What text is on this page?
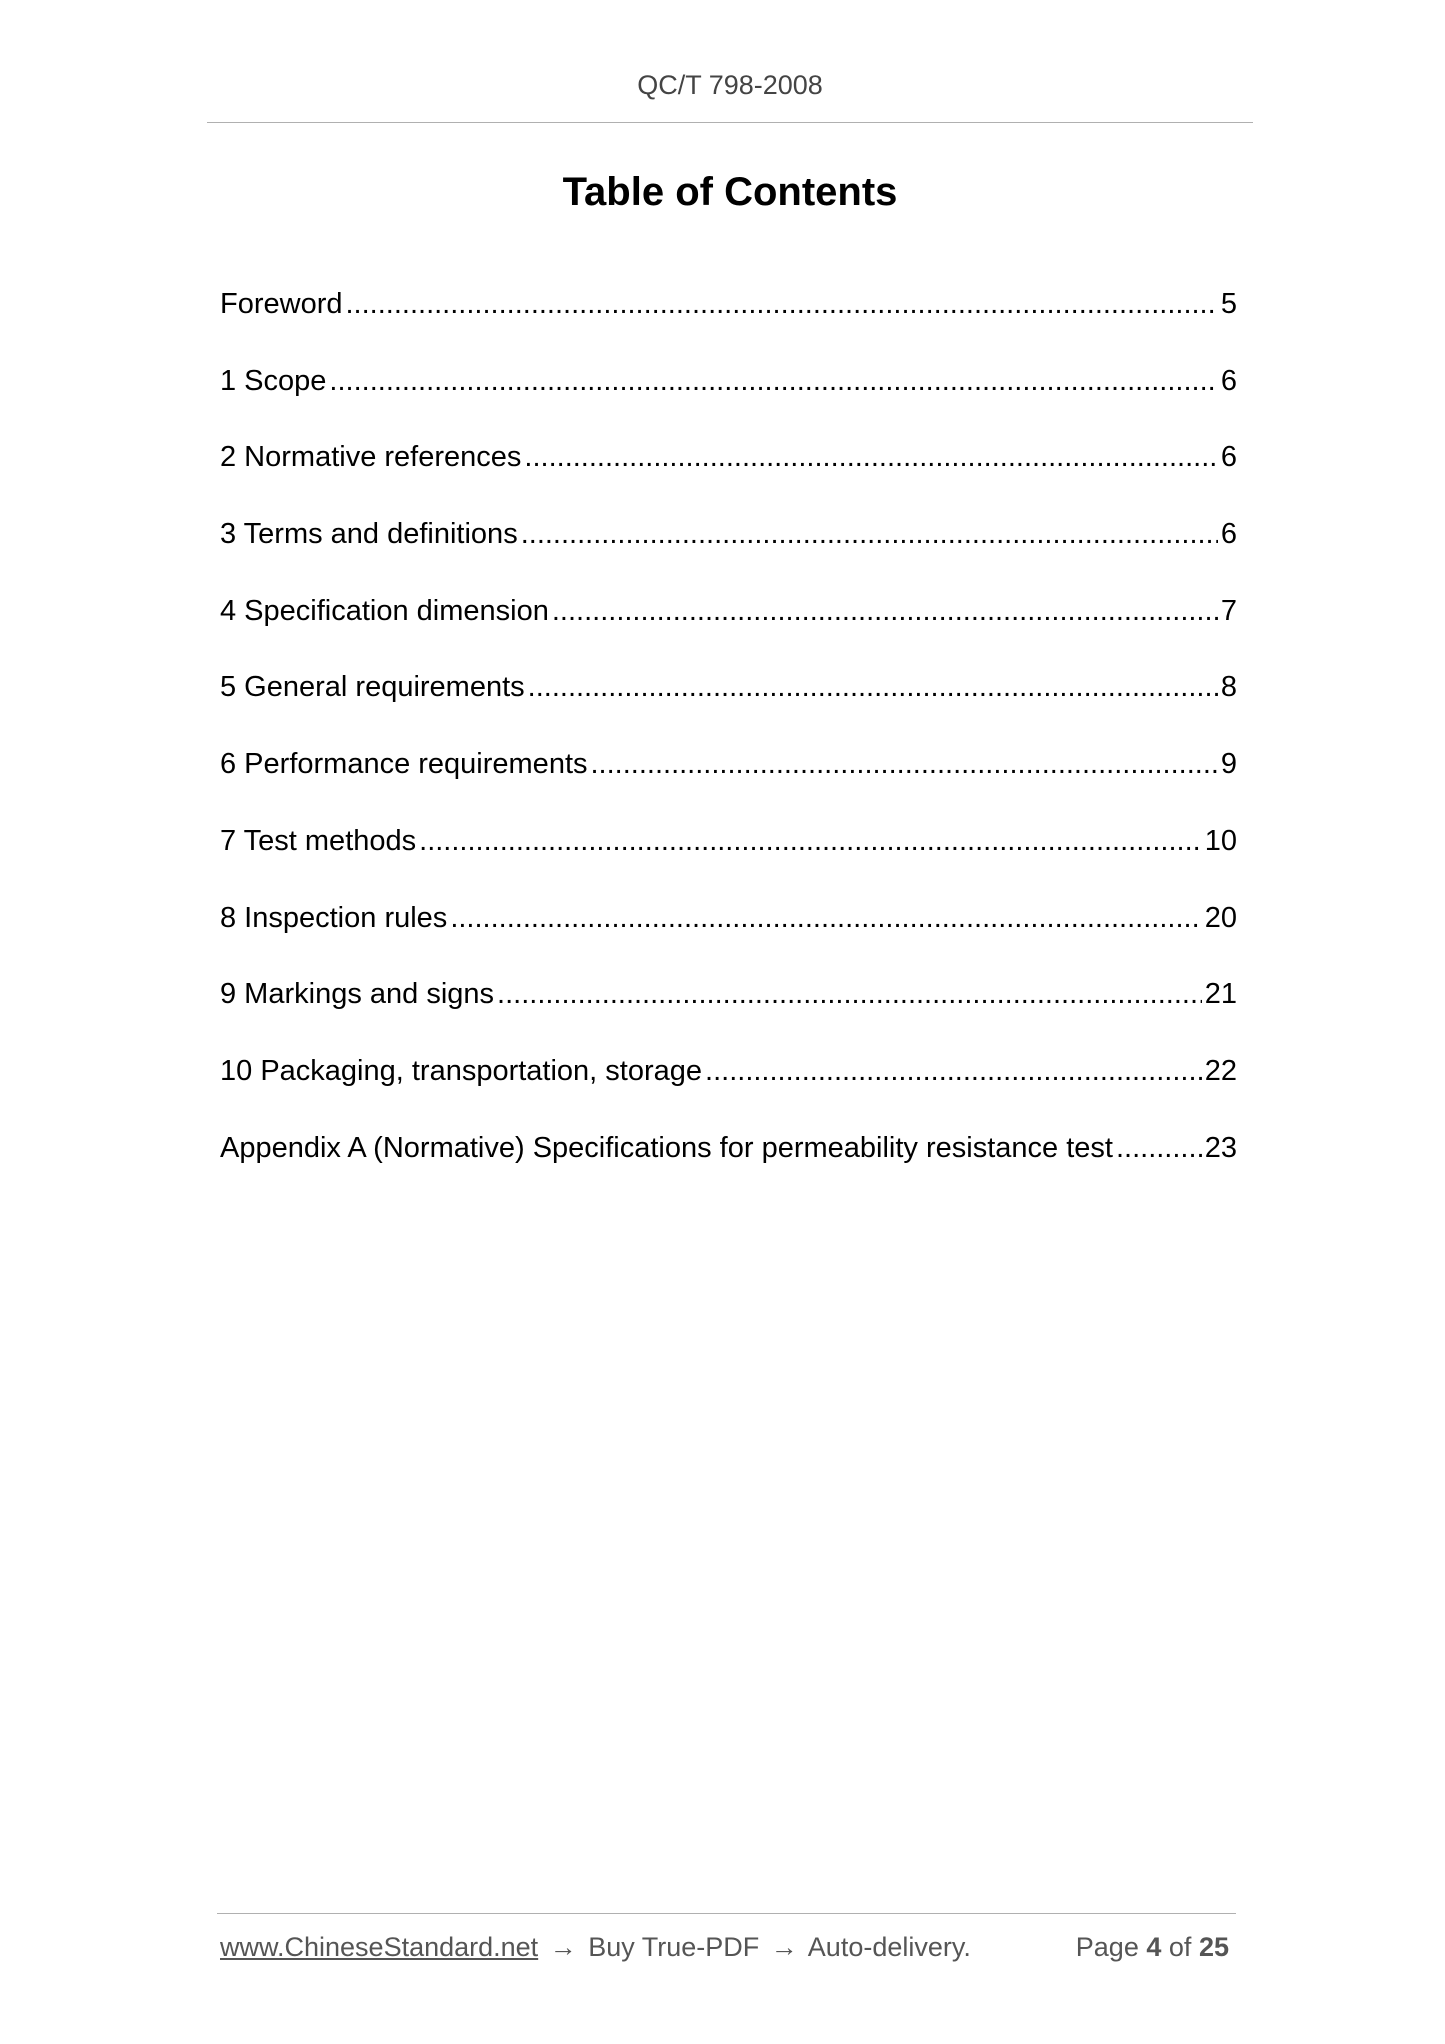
QC/T 798-2008
Table of Contents
Foreword .....	5
1 Scope .....	6
2 Normative references .....	6
3 Terms and definitions .....	6
4 Specification dimension .....	7
5 General requirements .....	8
6 Performance requirements .....	9
7 Test methods .....	10
8 Inspection rules .....	20
9 Markings and signs .....	21
10 Packaging, transportation, storage .....	22
Appendix A (Normative) Specifications for permeability resistance test .....	23
www.ChineseStandard.net → Buy True-PDF → Auto-delivery.	Page 4 of 25
